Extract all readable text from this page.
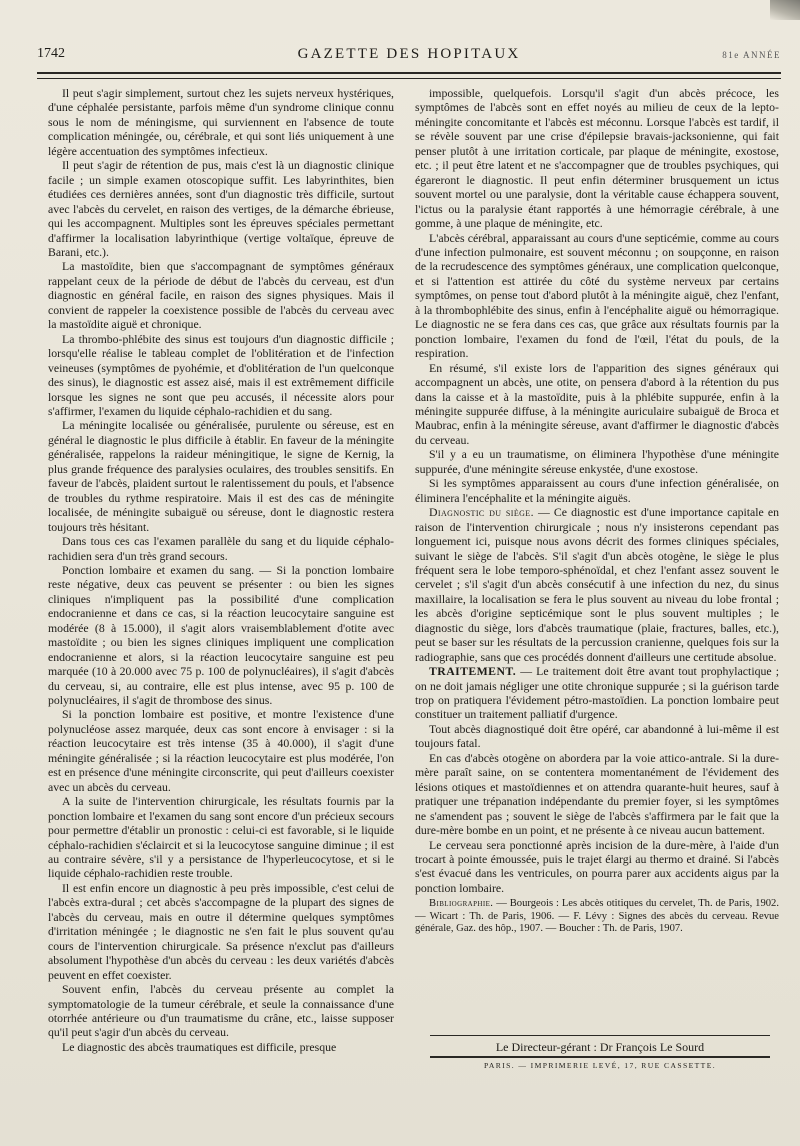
1742	GAZETTE DES HOPITAUX	81e ANNÉE

Il peut s'agir simplement, surtout chez les sujets nerveux hystériques, d'une céphalée persistante, parfois même d'un syndrome clinique connu sous le nom de méningisme, qui surviennent en l'absence de toute complication méningée, ou, cérébrale, et qui sont liés uniquement à une légère accentuation des symptômes infectieux.

Il peut s'agir de rétention de pus, mais c'est là un diagnostic clinique facile ; un simple examen otoscopique suffit. Les labyrinthites, bien étudiées ces dernières années, sont d'un diagnostic très difficile, surtout avec l'abcès du cervelet, en raison des vertiges, de la démarche ébrieuse, qui les accompagnent. Multiples sont les épreuves spéciales permettant d'affirmer la localisation labyrinthique (vertige voltaïque, épreuve de Barani, etc.).

La mastoïdite, bien que s'accompagnant de symptômes généraux rappelant ceux de la période de début de l'abcès du cerveau, est d'un diagnostic en général facile, en raison des signes physiques. Mais il convient de rappeler la coexistence possible de l'abcès du cerveau avec la mastoïdite aiguë et chronique.

La thrombo-phlébite des sinus est toujours d'un diagnostic difficile ; lorsqu'elle réalise le tableau complet de l'oblitération et de l'infection veineuses (symptômes de pyohémie, et d'oblitération de l'un quelconque des sinus), le diagnostic est assez aisé, mais il est extrêmement difficile lorsque les signes ne sont que peu accusés, il nécessite alors pour s'affirmer, l'examen du liquide céphalo-rachidien et du sang.

La méningite localisée ou généralisée, purulente ou séreuse, est en général le diagnostic le plus difficile à établir. En faveur de la méningite généralisée, rappelons la raideur méningitique, le signe de Kernig, la plus grande fréquence des paralysies oculaires, des troubles sensitifs. En faveur de l'abcès, plaident surtout le ralentissement du pouls, et l'absence de troubles du rythme respiratoire. Mais il est des cas de méningite localisée, de méningite subaiguë ou séreuse, dont le diagnostic restera toujours très hésitant.

Dans tous ces cas l'examen parallèle du sang et du liquide céphalo-rachidien sera d'un très grand secours.

Ponction lombaire et examen du sang. — Si la ponction lombaire reste négative, deux cas peuvent se présenter : ou bien les signes cliniques n'impliquent pas la possibilité d'une complication endocranienne et dans ce cas, si la réaction leucocytaire sanguine est modérée (8 à 15.000), il s'agit alors vraisemblablement d'otite avec mastoïdite ; ou bien les signes cliniques impliquent une complication endocranienne et alors, si la réaction leucocytaire sanguine est peu marquée (10 à 20.000 avec 75 p. 100 de polynucléaires), il s'agit d'abcès du cerveau, si, au contraire, elle est plus intense, avec 95 p. 100 de polynucléaires, il s'agit de thrombose des sinus.

Si la ponction lombaire est positive, et montre l'existence d'une polynucléose assez marquée, deux cas sont encore à envisager : si la réaction leucocytaire est très intense (35 à 40.000), il s'agit d'une méningite généralisée ; si la réaction leucocytaire est plus modérée, l'on est en présence d'une méningite circonscrite, qui peut d'ailleurs coexister avec un abcès du cerveau.

A la suite de l'intervention chirurgicale, les résultats fournis par la ponction lombaire et l'examen du sang sont encore d'un précieux secours pour permettre d'établir un pronostic : celui-ci est favorable, si le liquide céphalo-rachidien s'éclaircit et si la leucocytose sanguine diminue ; il est au contraire sévère, s'il y a persistance de l'hyperleucocytose, et si le liquide céphalo-rachidien reste trouble.

Il est enfin encore un diagnostic à peu près impossible, c'est celui de l'abcès extra-dural ; cet abcès s'accompagne de la plupart des signes de l'abcès du cerveau, mais en outre il détermine quelques symptômes d'irritation méningée ; le diagnostic ne s'en fait le plus souvent qu'au cours de l'intervention chirurgicale. Sa présence n'exclut pas d'ailleurs absolument l'hypothèse d'un abcès du cerveau : les deux variétés d'abcès peuvent en effet coexister.

Souvent enfin, l'abcès du cerveau présente au complet la symptomatologie de la tumeur cérébrale, et seule la connaissance d'une otorrhée antérieure ou d'un traumatisme du crâne, etc., laisse supposer qu'il peut s'agir d'un abcès du cerveau.

Le diagnostic des abcès traumatiques est difficile, presque

impossible, quelquefois. Lorsqu'il s'agit d'un abcès précoce, les symptômes de l'abcès sont en effet noyés au milieu de ceux de la lepto-méningite concomitante et l'abcès est méconnu. Lorsque l'abcès est tardif, il se révèle souvent par une crise d'épilepsie bravais-jacksonienne, qui fait penser plutôt à une irritation corticale, par plaque de méningite, exostose, etc. ; il peut être latent et ne s'accompagner que de troubles psychiques, qui égareront le diagnostic. Il peut enfin déterminer brusquement un ictus souvent mortel ou une paralysie, dont la véritable cause échappera souvent, l'ictus ou la paralysie étant rapportés à une hémorragie cérébrale, à une gomme, à une plaque de méningite, etc.

L'abcès cérébral, apparaissant au cours d'une septicémie, comme au cours d'une infection pulmonaire, est souvent méconnu ; on soupçonne, en raison de la recrudescence des symptômes généraux, une complication quelconque, et si l'attention est attirée du côté du système nerveux par certains symptômes, on pense tout d'abord plutôt à la méningite aiguë, chez l'enfant, à la thrombophlébite des sinus, enfin à l'encéphalite aiguë ou hémorragique. Le diagnostic ne se fera dans ces cas, que grâce aux résultats fournis par la ponction lombaire, l'examen du fond de l'œil, l'état du pouls, de la respiration.

En résumé, s'il existe lors de l'apparition des signes généraux qui accompagnent un abcès, une otite, on pensera d'abord à la rétention du pus dans la caisse et à la mastoïdite, puis à la phlébite suppurée, enfin à la méningite suppurée diffuse, à la méningite auriculaire subaiguë de Broca et Maubrac, enfin à la méningite séreuse, avant d'affirmer le diagnostic d'abcès du cerveau.

S'il y a eu un traumatisme, on éliminera l'hypothèse d'une méningite suppurée, d'une méningite séreuse enkystée, d'une exostose.

Si les symptômes apparaissent au cours d'une infection généralisée, on éliminera l'encéphalite et la méningite aiguës.

Diagnostic du siège. — Ce diagnostic est d'une importance capitale en raison de l'intervention chirurgicale ; nous n'y insisterons cependant pas longuement ici, puisque nous avons décrit des formes cliniques spéciales, suivant le siège de l'abcès. S'il s'agit d'un abcès otogène, le siège le plus fréquent sera le lobe temporo-sphénoïdal, et chez l'enfant assez souvent le cervelet ; s'il s'agit d'un abcès consécutif à une infection du nez, du sinus maxillaire, la localisation se fera le plus souvent au niveau du lobe frontal ; les abcès d'origine septicémique sont le plus souvent multiples ; le diagnostic du siège, lors d'abcès traumatique (plaie, fractures, balles, etc.), peut se baser sur les résultats de la percussion cranienne, quelques fois sur la radiographie, sans que ces procédés donnent d'ailleurs une certitude absolue.

TRAITEMENT. — Le traitement doit être avant tout prophylactique ; on ne doit jamais négliger une otite chronique suppurée ; si la guérison tarde trop on pratiquera l'évidement pétro-mastoïdien. La ponction lombaire peut constituer un traitement palliatif d'urgence.

Tout abcès diagnostiqué doit être opéré, car abandonné à lui-même il est toujours fatal.

En cas d'abcès otogène on abordera par la voie attico-antrale. Si la dure-mère paraît saine, on se contentera momentanément de l'évidement des lésions otiques et mastoïdiennes et on attendra quarante-huit heures, sauf à pratiquer une trépanation indépendante du premier foyer, si les symptômes ne s'amendent pas ; souvent le siège de l'abcès s'affirmera par le fait que la dure-mère bombe en un point, et ne présente à ce niveau aucun battement.

Le cerveau sera ponctionné après incision de la dure-mère, à l'aide d'un trocart à pointe émoussée, puis le trajet élargi au thermo et drainé. Si l'abcès s'est évacué dans les ventricules, on pourra parer aux accidents aigus par la ponction lombaire.

Bibliographie. — Bourgeois : Les abcès otitiques du cervelet, Th. de Paris, 1902. — Wicart : Th. de Paris, 1906. — F. Lévy : Signes des abcès du cerveau. Revue générale, Gaz. des hôp., 1907. — Boucher : Th. de Paris, 1907.

Le Directeur-gérant : Dr François Le Sourd
PARIS. — IMPRIMERIE LEVÉ, 17, RUE CASSETTE.
